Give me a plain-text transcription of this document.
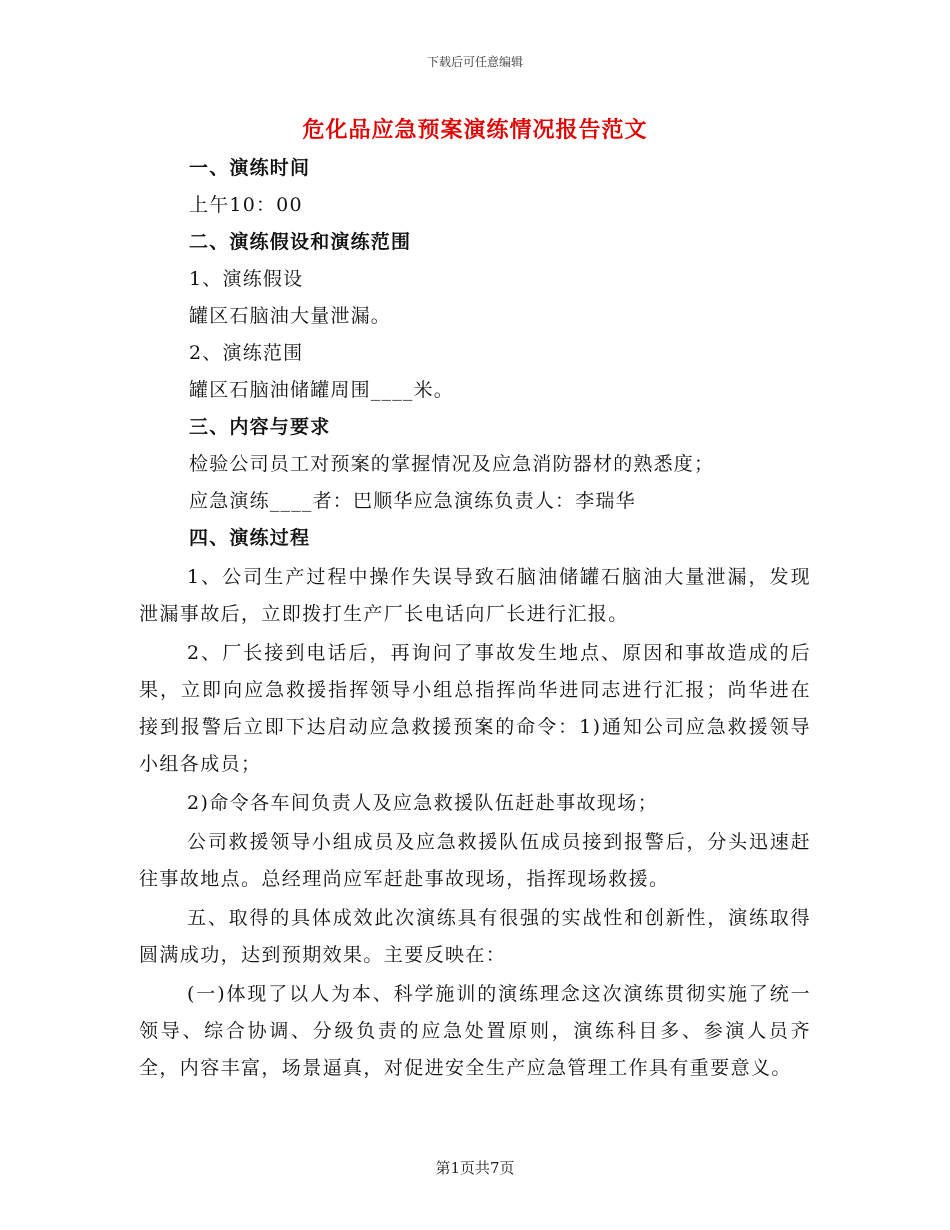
下载后可任意编辑
危化品应急预案演练情况报告范文
一、演练时间
上午10：00
二、演练假设和演练范围
1、演练假设
罐区石脑油大量泄漏。
2、演练范围
罐区石脑油储罐周围____米。
三、内容与要求
检验公司员工对预案的掌握情况及应急消防器材的熟悉度；
应急演练____者：巴顺华应急演练负责人：李瑞华
四、演练过程
1、公司生产过程中操作失误导致石脑油储罐石脑油大量泄漏，发现泄漏事故后，立即拨打生产厂长电话向厂长进行汇报。
2、厂长接到电话后，再询问了事故发生地点、原因和事故造成的后果，立即向应急救援指挥领导小组总指挥尚华进同志进行汇报；尚华进在接到报警后立即下达启动应急救援预案的命令：1)通知公司应急救援领导小组各成员；
2)命令各车间负责人及应急救援队伍赶赴事故现场；
公司救援领导小组成员及应急救援队伍成员接到报警后，分头迅速赶往事故地点。总经理尚应军赶赴事故现场，指挥现场救援。
五、取得的具体成效此次演练具有很强的实战性和创新性，演练取得圆满成功，达到预期效果。主要反映在：
(一)体现了以人为本、科学施训的演练理念这次演练贯彻实施了统一领导、综合协调、分级负责的应急处置原则，演练科目多、参演人员齐全，内容丰富，场景逼真，对促进安全生产应急管理工作具有重要意义。
第1页共7页
